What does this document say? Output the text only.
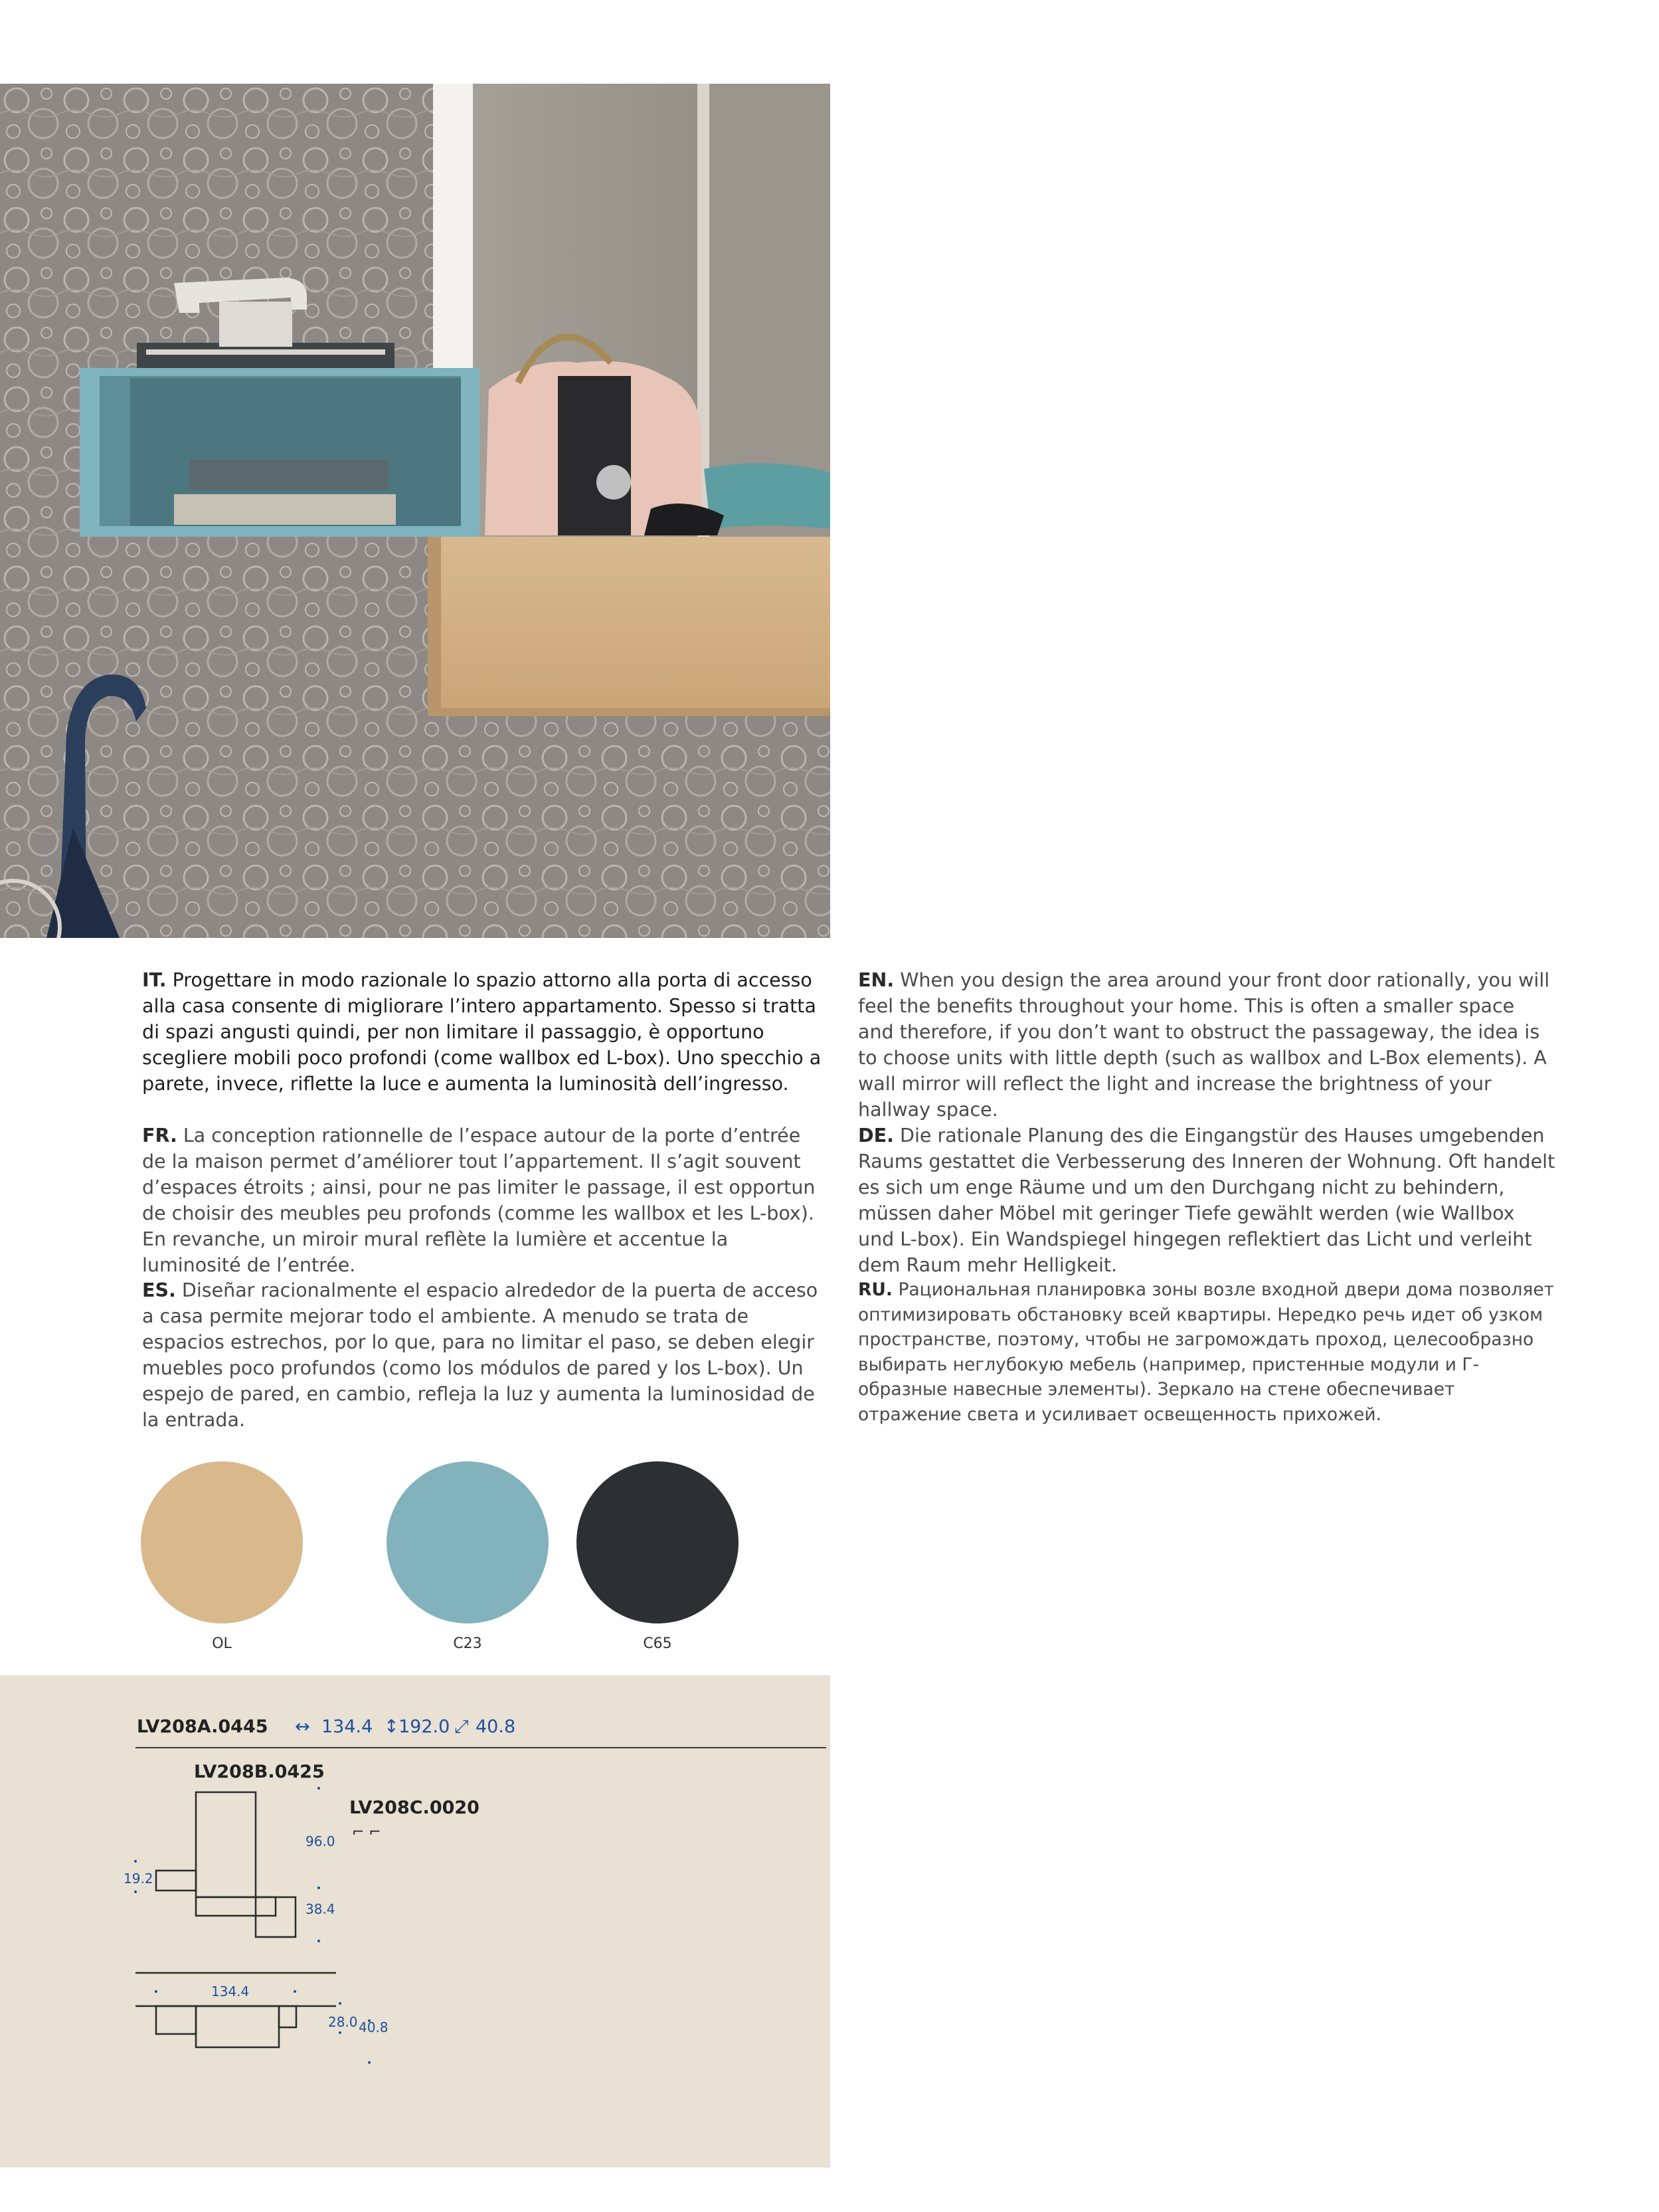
IT. Progettare in modo razionale lo spazio attorno alla porta di accesso alla casa consente di migliorare l’intero appartamento. Spesso si tratta di spazi angusti quindi, per non limitare il passaggio, è opportuno scegliere mobili poco profondi (come wallbox ed L-box). Uno specchio a parete, invece, riflette la luce e aumenta la luminosità dell’ingresso.
FR. La conception rationnelle de l’espace autour de la porte d’entrée de la maison permet d’améliorer tout l’appartement. Il s’agit souvent d’espaces étroits ; ainsi, pour ne pas limiter le passage, il est opportun de choisir des meubles peu profonds (comme les wallbox et les L-box). En revanche, un miroir mural reflète la lumière et accentue la luminosité de l’entrée.
ES. Diseñar racionalmente el espacio alrededor de la puerta de acceso a casa permite mejorar todo el ambiente. A menudo se trata de espacios estrechos, por lo que, para no limitar el paso, se deben elegir muebles poco profundos (como los módulos de pared y los L-box). Un espejo de pared, en cambio, refleja la luz y aumenta la luminosidad de la entrada.
EN. When you design the area around your front door rationally, you will feel the benefits throughout your home. This is often a smaller space and therefore, if you don’t want to obstruct the passageway, the idea is to choose units with little depth (such as wallbox and L-Box elements). A wall mirror will reflect the light and increase the brightness of your hallway space.
DE. Die rationale Planung des die Eingangstür des Hauses umgebenden Raums gestattet die Verbesserung des Inneren der Wohnung. Oft handelt es sich um enge Räume und um den Durchgang nicht zu behindern, müssen daher Möbel mit geringer Tiefe gewählt werden (wie Wallbox und L-box). Ein Wandspiegel hingegen reflektiert das Licht und verleiht dem Raum mehr Helligkeit.
RU. Рациональная планировка зоны возле входной двери дома позволяет оптимизировать обстановку всей квартиры. Нередко речь идет об узком пространстве, поэтому, чтобы не загромождать проход, целесообразно выбирать неглубокую мебель (например, пристенные модули и Г-образные навесные элементы). Зеркало на стене обеспечивает отражение света и усиливает освещенность прихожей.
OL	C23	C65
LV208A.0445 ↔ 134.4 ↕ 192.0 ⤢ 40.8
LV208B.0425
LV208C.0020
⌐ ⌐
96.0
19.2
38.4
134.4
28.0 40.8
